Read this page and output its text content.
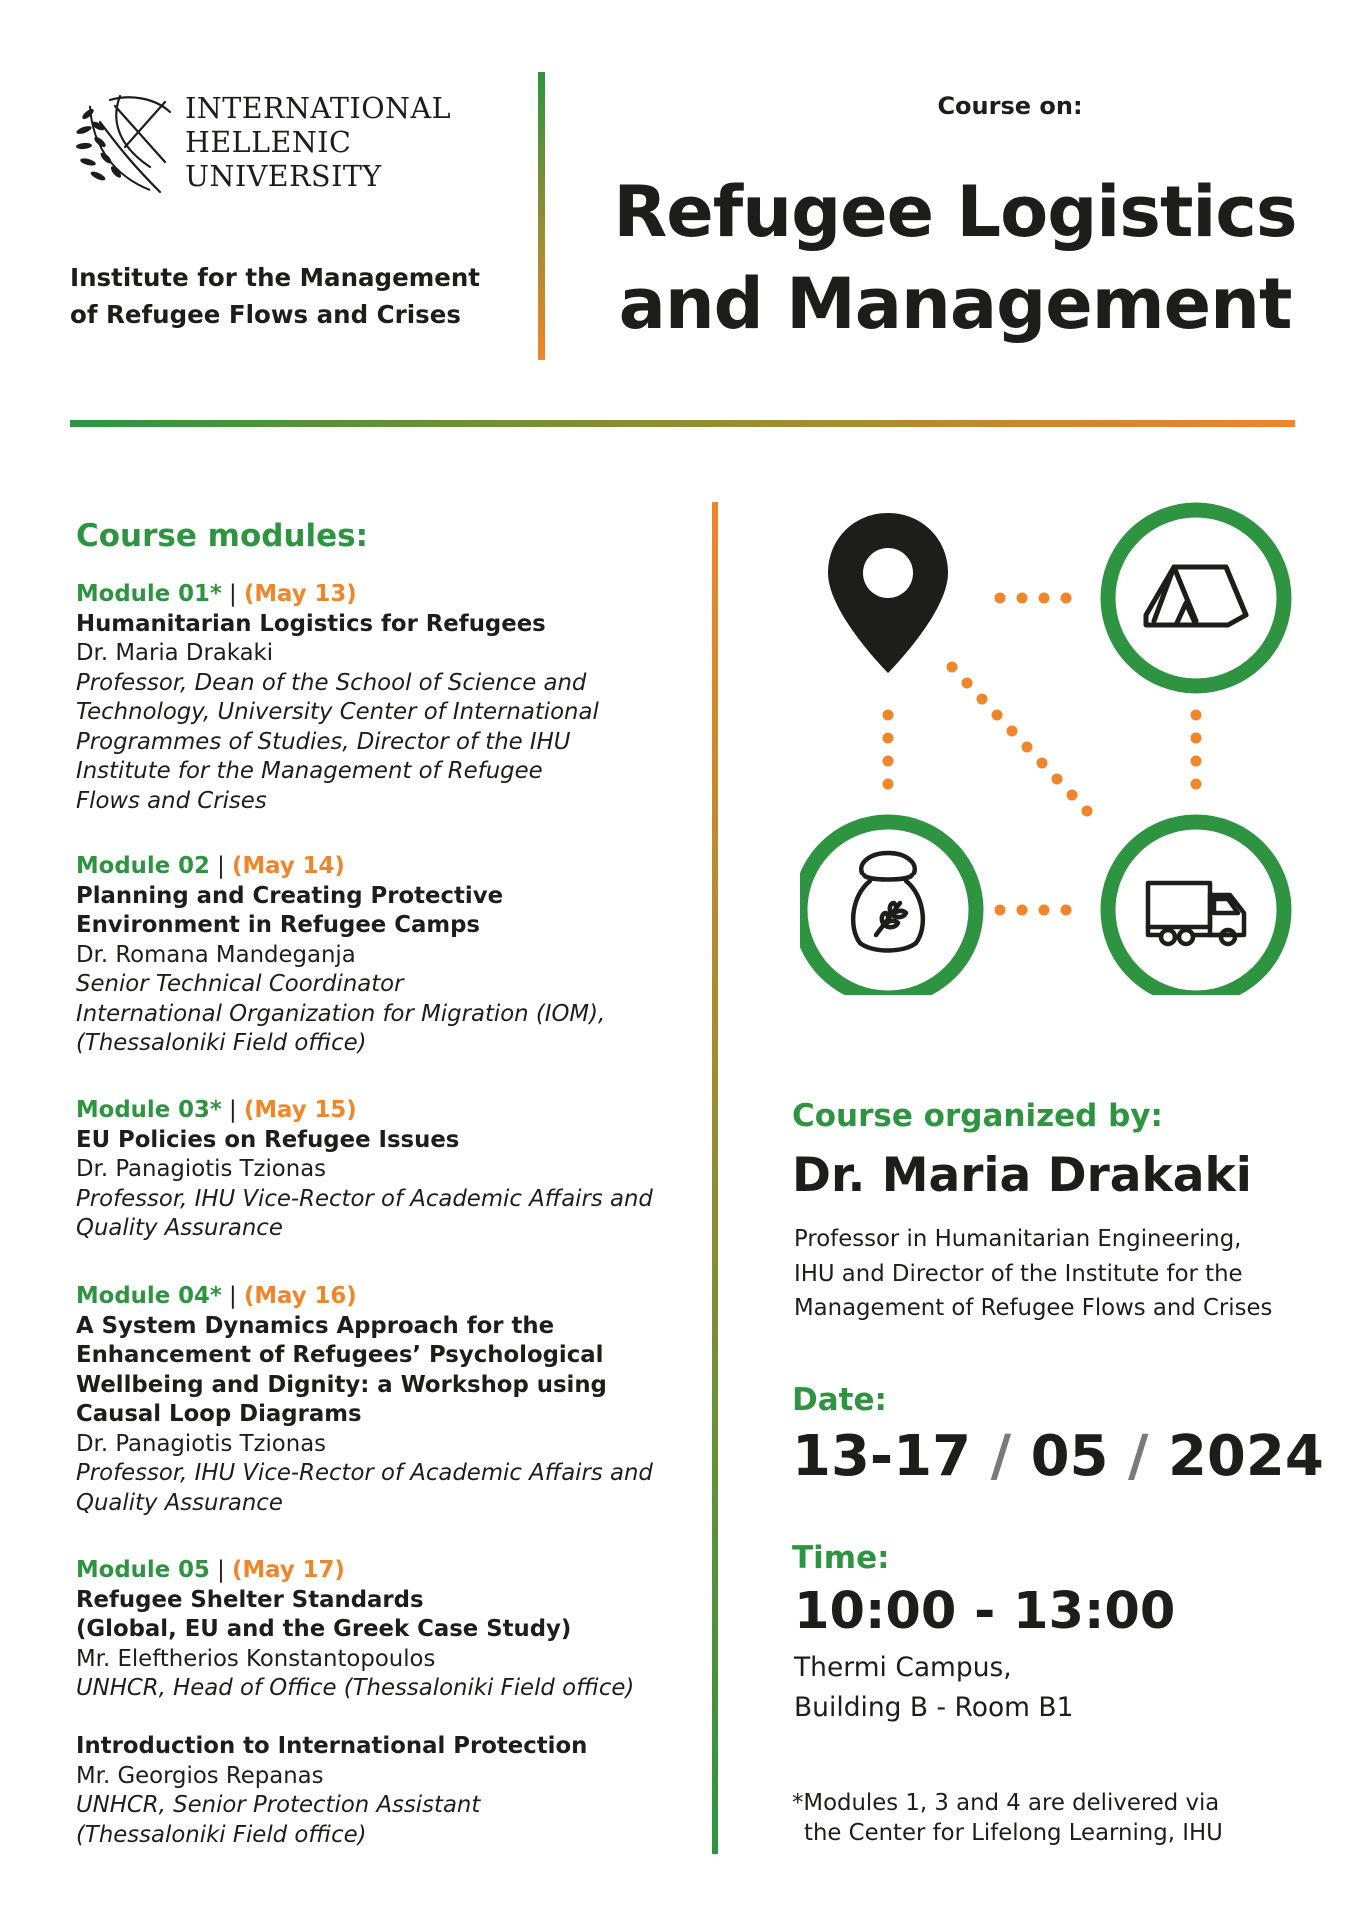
INTERNATIONAL
HELLENIC
UNIVERSITY
Institute for the Management
of Refugee Flows and Crises
Course on:
Refugee Logistics
and Management
Course modules:
Module 01* | (May 13)
Humanitarian Logistics for Refugees
Dr. Maria Drakaki
Professor, Dean of the School of Science and
Technology, University Center of International
Programmes of Studies, Director of the IHU
Institute for the Management of Refugee
Flows and Crises
Module 02 | (May 14)
Planning and Creating Protective
Environment in Refugee Camps
Dr. Romana Mandeganja
Senior Technical Coordinator
International Organization for Migration (IOM),
(Thessaloniki Field office)
Module 03* | (May 15)
EU Policies on Refugee Issues
Dr. Panagiotis Tzionas
Professor, IHU Vice-Rector of Academic Affairs and
Quality Assurance
Module 04* | (May 16)
A System Dynamics Approach for the
Enhancement of Refugees’ Psychological
Wellbeing and Dignity: a Workshop using
Causal Loop Diagrams
Dr. Panagiotis Tzionas
Professor, IHU Vice-Rector of Academic Affairs and
Quality Assurance
Module 05 | (May 17)
Refugee Shelter Standards
(Global, EU and the Greek Case Study)
Mr. Eleftherios Konstantopoulos
UNHCR, Head of Office (Thessaloniki Field office)
Introduction to International Protection
Mr. Georgios Repanas
UNHCR, Senior Protection Assistant
(Thessaloniki Field office)
Course organized by:
Dr. Maria Drakaki
Professor in Humanitarian Engineering,
IHU and Director of the Institute for the
Management of Refugee Flows and Crises
Date:
13-17 / 05 / 2024
Time:
10:00 - 13:00
Thermi Campus,
Building B - Room B1
*Modules 1, 3 and 4 are delivered via
the Center for Lifelong Learning, IHU
